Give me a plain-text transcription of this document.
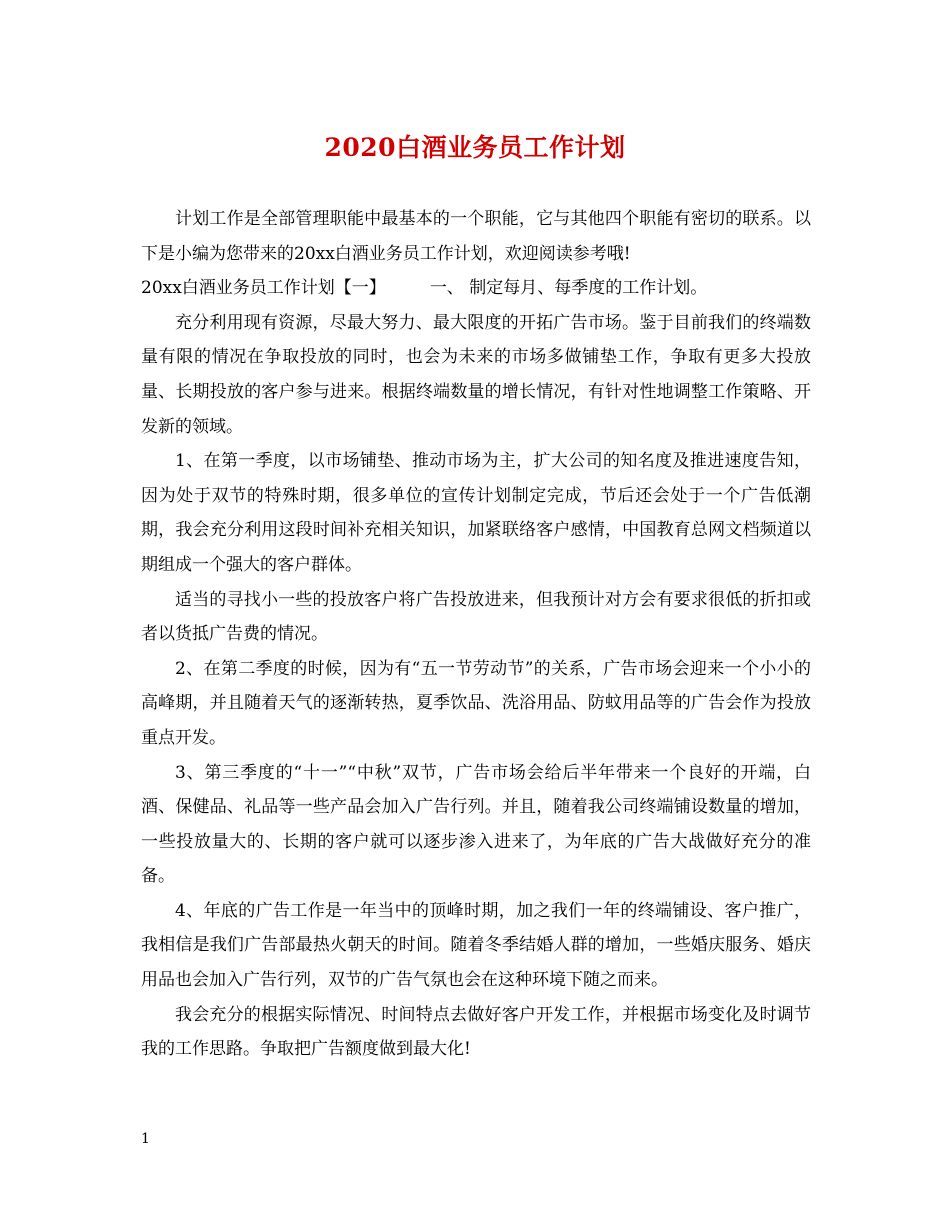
2020白酒业务员工作计划

计划工作是全部管理职能中最基本的一个职能，它与其他四个职能有密切的联系。以下是小编为您带来的20xx白酒业务员工作计划，欢迎阅读参考哦!

20xx白酒业务员工作计划【一】	一、 制定每月、每季度的工作计划。

充分利用现有资源，尽最大努力、最大限度的开拓广告市场。鉴于目前我们的终端数量有限的情况在争取投放的同时，也会为未来的市场多做铺垫工作，争取有更多大投放量、长期投放的客户参与进来。根据终端数量的增长情况，有针对性地调整工作策略、开发新的领域。

1、在第一季度，以市场铺垫、推动市场为主，扩大公司的知名度及推进速度告知，因为处于双节的特殊时期，很多单位的宣传计划制定完成，节后还会处于一个广告低潮期，我会充分利用这段时间补充相关知识，加紧联络客户感情，中国教育总网文档频道以期组成一个强大的客户群体。

适当的寻找小一些的投放客户将广告投放进来，但我预计对方会有要求很低的折扣或者以货抵广告费的情况。

2、在第二季度的时候，因为有“五一节劳动节”的关系，广告市场会迎来一个小小的高峰期，并且随着天气的逐渐转热，夏季饮品、洗浴用品、防蚊用品等的广告会作为投放重点开发。

3、第三季度的“十一”“中秋”双节，广告市场会给后半年带来一个良好的开端，白酒、保健品、礼品等一些产品会加入广告行列。并且，随着我公司终端铺设数量的增加，一些投放量大的、长期的客户就可以逐步渗入进来了，为年底的广告大战做好充分的准备。

4、年底的广告工作是一年当中的顶峰时期，加之我们一年的终端铺设、客户推广，我相信是我们广告部最热火朝天的时间。随着冬季结婚人群的增加，一些婚庆服务、婚庆用品也会加入广告行列，双节的广告气氛也会在这种环境下随之而来。

我会充分的根据实际情况、时间特点去做好客户开发工作，并根据市场变化及时调节我的工作思路。争取把广告额度做到最大化!

1
